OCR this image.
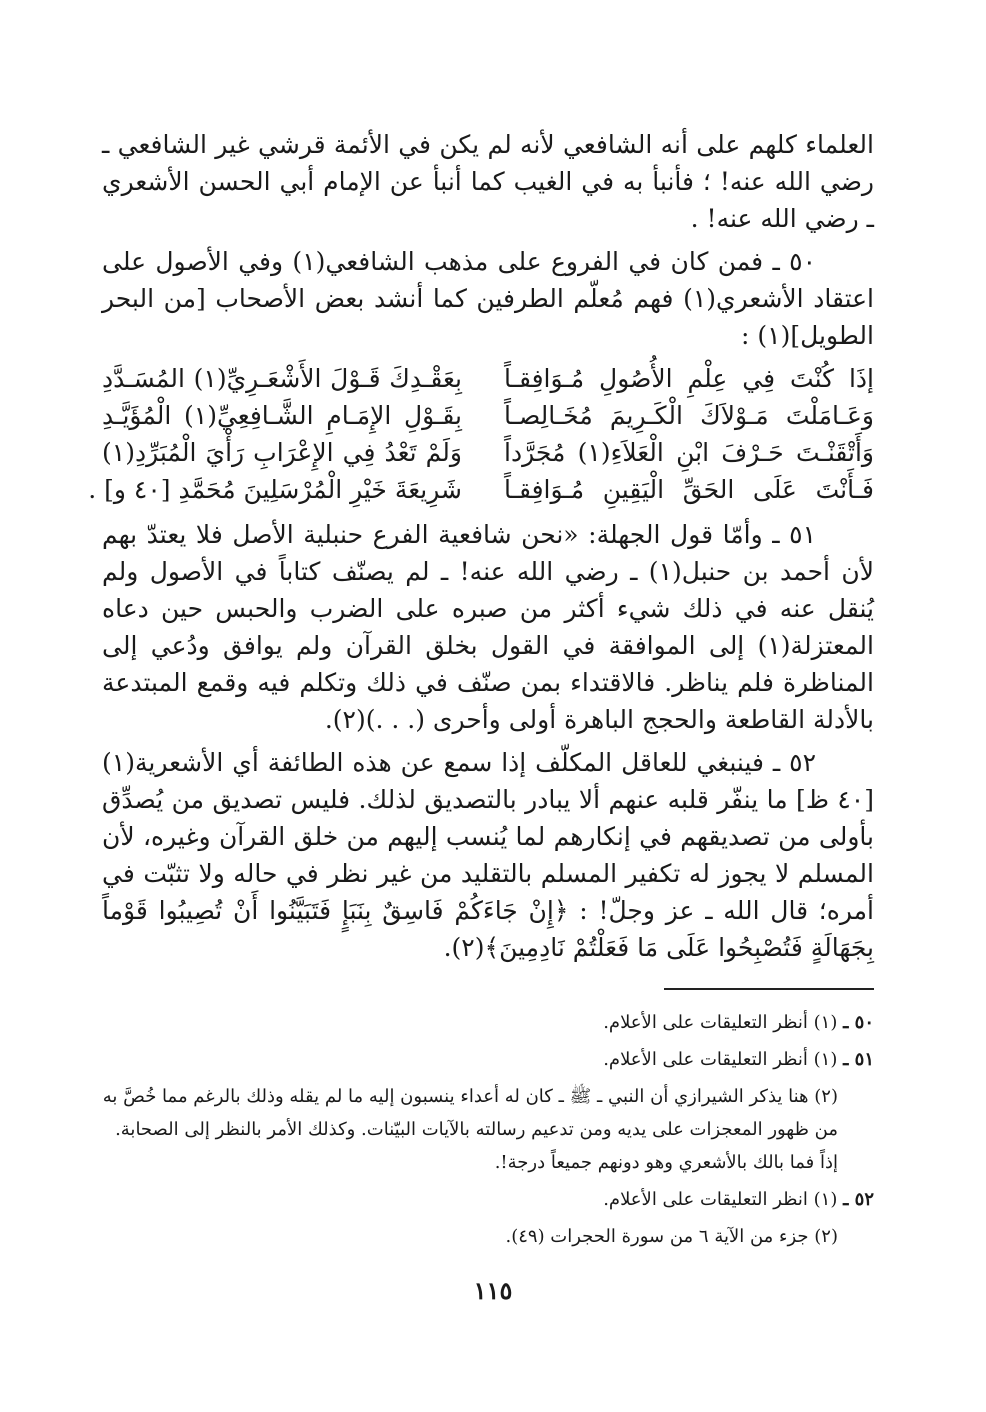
العلماء كلهم على أنه الشافعي لأنه لم يكن في الأئمة قرشي غير الشافعي ـ رضي الله عنه! ؛ فأنبأ به في الغيب كما أنبأ عن الإمام أبي الحسن الأشعري ـ رضي الله عنه! .

٥٠ ـ فمن كان في الفروع على مذهب الشافعي(١) وفي الأصول على اعتقاد الأشعري(١) فهم مُعلّم الطرفين كما أنشد بعض الأصحاب [من البحر الطويل](١) :

إذَا كُنْتَ فِي عِلْمِ الأُصُولِ مُـوَافِقـاً
بِعَقْـدِكَ قَـوْلَ الأَشْعَـرِيِّ(١) المُسَـدَّدِ
وَعَـامَلْتَ مَـوْلاَكَ الْكَـرِيمَ مُخَـالِصـاً
بِقَـوْلِ الإِمَـامِ الشَّـافِعِيِّ(١) الْمُؤَيَّـدِ
وَأَتْقَنْـتَ حَـرْفَ ابْنِ الْعَلاَءِ(١) مُجَرَّداً
وَلَمْ تَعْدُ فِي الإِعْرَابِ رَأْيَ الْمُبَرِّدِ(١)
فَـأَنْتَ عَلَى الحَقِّ الْيَقِينِ مُـوَافِقـاً
شَرِيعَةَ خَيْرِ الْمُرْسَلِينَ مُحَمَّدِ [٤٠ و] .

٥١ ـ وأمّا قول الجهلة: «نحن شافعية الفرع حنبلية الأصل فلا يعتدّ بهم لأن أحمد بن حنبل(١) ـ رضي الله عنه! ـ لم يصنّف كتاباً في الأصول ولم يُنقل عنه في ذلك شيء أكثر من صبره على الضرب والحبس حين دعاه المعتزلة(١) إلى الموافقة في القول بخلق القرآن ولم يوافق ودُعي إلى المناظرة فلم يناظر. فالاقتداء بمن صنّف في ذلك وتكلم فيه وقمع المبتدعة بالأدلة القاطعة والحجج الباهرة أولى وأحرى (. . .)(٢).

٥٢ ـ فينبغي للعاقل المكلّف إذا سمع عن هذه الطائفة أي الأشعرية(١) [٤٠ ظ] ما ينفّر قلبه عنهم ألا يبادر بالتصديق لذلك. فليس تصديق من يُصدِّق بأولى من تصديقهم في إنكارهم لما يُنسب إليهم من خلق القرآن وغيره، لأن المسلم لا يجوز له تكفير المسلم بالتقليد من غير نظر في حاله ولا تثبّت في أمره؛ قال الله ـ عز وجلّ! : ﴿إِنْ جَاءَكُمْ فَاسِقٌ بِنَبَإٍ فَتَبَيَّنُوا أَنْ تُصِيبُوا قَوْماً بِجَهَالَةٍ فَتُصْبِحُوا عَلَى مَا فَعَلْتُمْ نَادِمِينَ﴾(٢).

٥٠ ـ (١) أنظر التعليقات على الأعلام.

٥١ ـ (١) أنظر التعليقات على الأعلام.

(٢) هنا يذكر الشيرازي أن النبي ـ ﷺ ـ كان له أعداء ينسبون إليه ما لم يقله وذلك بالرغم مما خُصَّ به من ظهور المعجزات على يديه ومن تدعيم رسالته بالآيات البيّنات. وكذلك الأمر بالنظر إلى الصحابة. إذاً فما بالك بالأشعري وهو دونهم جميعاً درجة!.

٥٢ ـ (١) انظر التعليقات على الأعلام.

(٢) جزء من الآية ٦ من سورة الحجرات (٤٩).

١١٥
